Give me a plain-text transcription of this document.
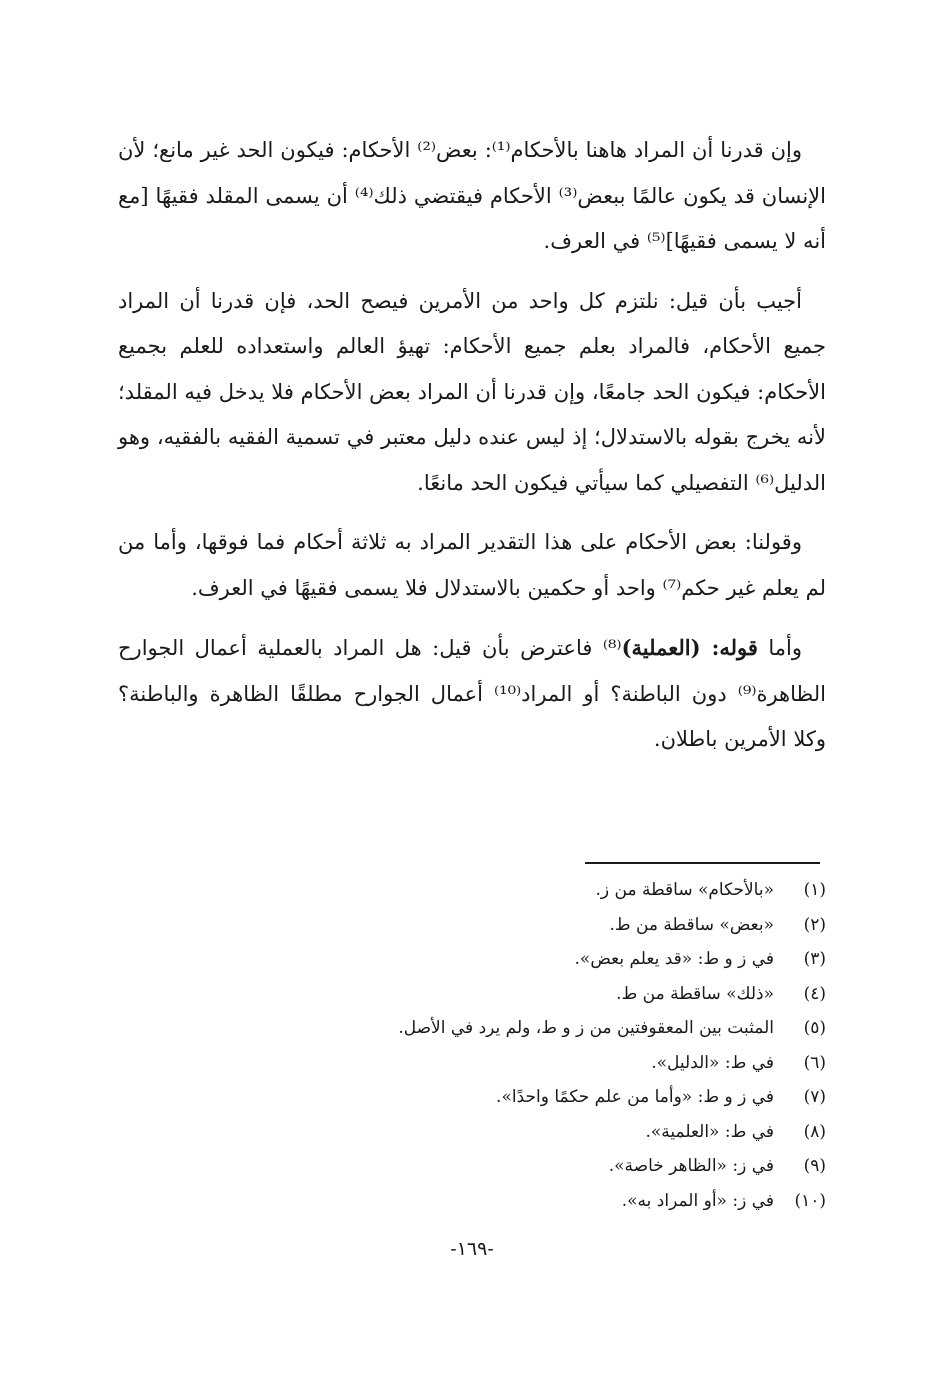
وإن قدرنا أن المراد هاهنا بالأحكام⁽¹⁾: بعض⁽²⁾ الأحكام: فيكون الحد غير مانع؛ لأن الإنسان قد يكون عالمًا ببعض⁽³⁾ الأحكام فيقتضي ذلك⁽⁴⁾ أن يسمى المقلد فقيهًا [مع أنه لا يسمى فقيهًا]⁽⁵⁾ في العرف.

أجيب بأن قيل: نلتزم كل واحد من الأمرين فيصح الحد، فإن قدرنا أن المراد جميع الأحكام، فالمراد بعلم جميع الأحكام: تهيؤ العالم واستعداده للعلم بجميع الأحكام: فيكون الحد جامعًا، وإن قدرنا أن المراد بعض الأحكام فلا يدخل فيه المقلد؛ لأنه يخرج بقوله بالاستدلال؛ إذ ليس عنده دليل معتبر في تسمية الفقيه بالفقيه، وهو الدليل⁽⁶⁾ التفصيلي كما سيأتي فيكون الحد مانعًا.

وقولنا: بعض الأحكام على هذا التقدير المراد به ثلاثة أحكام فما فوقها، وأما من لم يعلم غير حكم⁽⁷⁾ واحد أو حكمين بالاستدلال فلا يسمى فقيهًا في العرف.

وأما قوله: (العملية)⁽⁸⁾ فاعترض بأن قيل: هل المراد بالعملية أعمال الجوارح الظاهرة⁽⁹⁾ دون الباطنة؟ أو المراد⁽¹⁰⁾ أعمال الجوارح مطلقًا الظاهرة والباطنة؟ وكلا الأمرين باطلان.

(١)«بالأحكام» ساقطة من ز.
(٢)«بعض» ساقطة من ط.
(٣)في ز و ط: «قد يعلم بعض».
(٤)«ذلك» ساقطة من ط.
(٥)المثبت بين المعقوفتين من ز و ط، ولم يرد في الأصل.
(٦)في ط: «الدليل».
(٧)في ز و ط: «وأما من علم حكمًا واحدًا».
(٨)في ط: «العلمية».
(٩)في ز: «الظاهر خاصة».
(١٠)في ز: «أو المراد به».
-١٦٩-
